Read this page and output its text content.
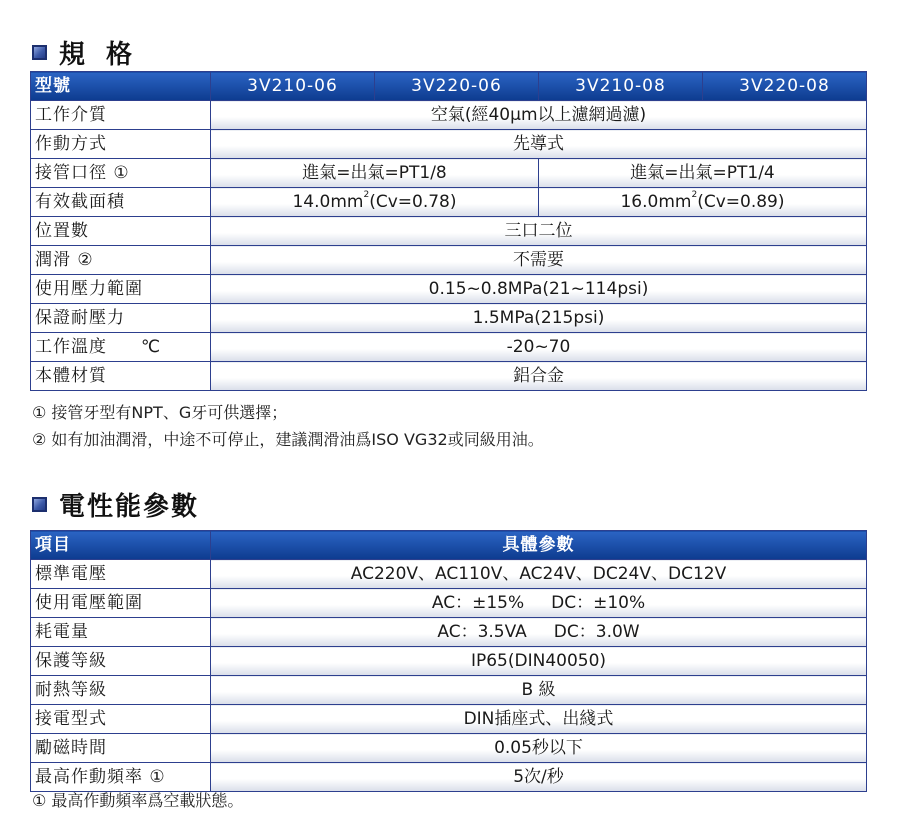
規 格
型號	3V210-06	3V220-06	3V210-08	3V220-08
工作介質	空氣(經40μm以上濾網過濾)			
作動方式	先導式			
接管口徑 ①	進氣=出氣=PT1/8		進氣=出氣=PT1/4	
有效截面積	$14.0mm^2(Cv=0.78)$		$16.0mm^2(Cv=0.89)$	
位置數	三口二位			
潤滑 ②	不需要			
使用壓力範圍	0.15~0.8MPa(21~114psi)			
保證耐壓力	1.5MPa(215psi)			
工作溫度 ℃	-20~70			
本體材質	鋁合金			
① 接管牙型有NPT、G牙可供選擇；
② 如有加油潤滑，中途不可停止，建議潤滑油爲ISO VG32或同級用油。
電性能參數
項目	具體參數
標準電壓	AC220V、AC110V、AC24V、DC24V、DC12V
使用電壓範圍	AC：±15%     DC：±10%
耗電量	AC：3.5VA     DC：3.0W
保護等級	IP65(DIN40050)
耐熱等級	B 級
接電型式	DIN插座式、出綫式
勵磁時間	0.05秒以下
最高作動頻率 ①	5次/秒
① 最高作動頻率爲空載狀態。
